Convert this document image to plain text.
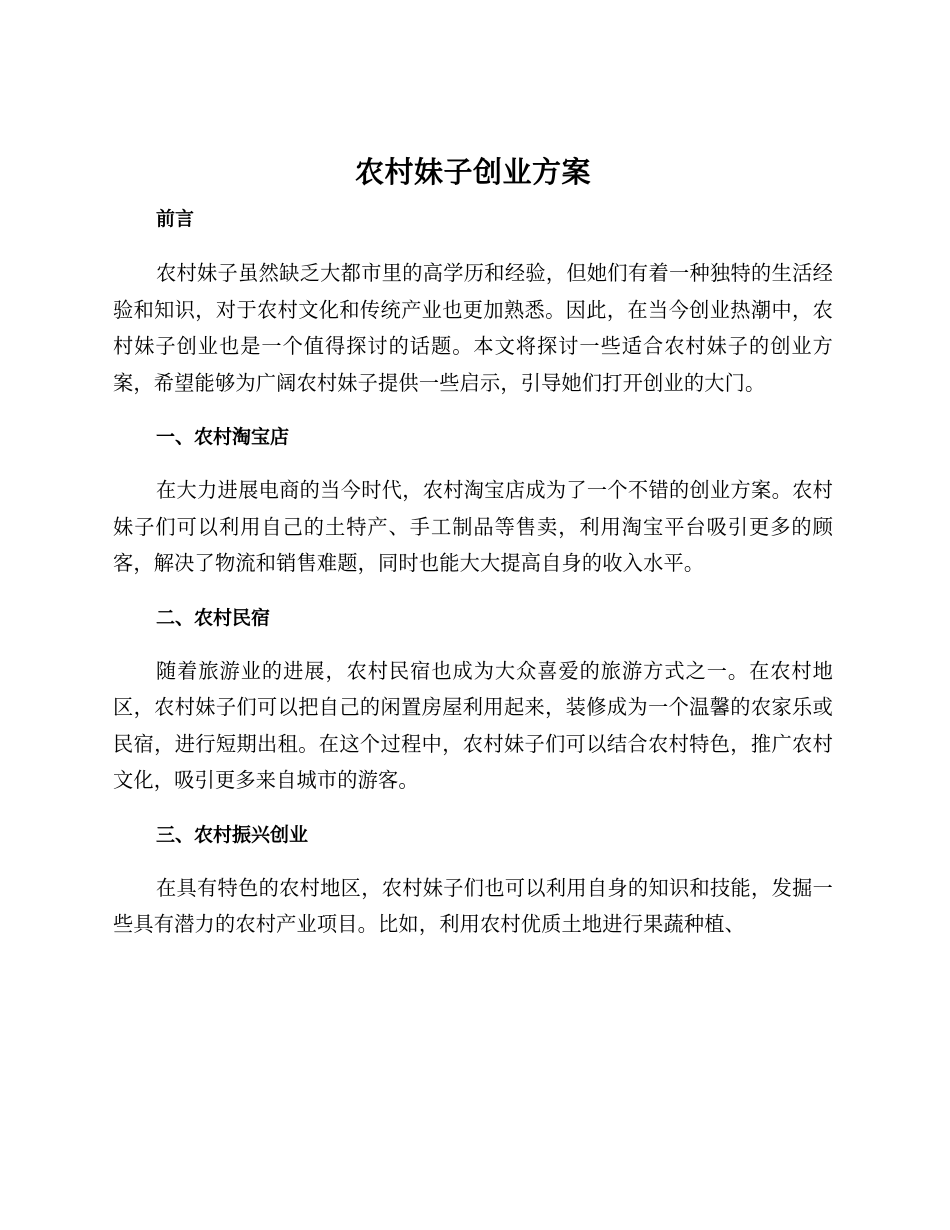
农村妹子创业方案
前言

农村妹子虽然缺乏大都市里的高学历和经验，但她们有着一种独特的生活经验和知识，对于农村文化和传统产业也更加熟悉。因此，在当今创业热潮中，农村妹子创业也是一个值得探讨的话题。本文将探讨一些适合农村妹子的创业方案，希望能够为广阔农村妹子提供一些启示，引导她们打开创业的大门。

一、农村淘宝店

在大力进展电商的当今时代，农村淘宝店成为了一个不错的创业方案。农村妹子们可以利用自己的土特产、手工制品等售卖，利用淘宝平台吸引更多的顾客，解决了物流和销售难题，同时也能大大提高自身的收入水平。

二、农村民宿

随着旅游业的进展，农村民宿也成为大众喜爱的旅游方式之一。在农村地区，农村妹子们可以把自己的闲置房屋利用起来，装修成为一个温馨的农家乐或民宿，进行短期出租。在这个过程中，农村妹子们可以结合农村特色，推广农村文化，吸引更多来自城市的游客。

三、农村振兴创业

在具有特色的农村地区，农村妹子们也可以利用自身的知识和技能，发掘一些具有潜力的农村产业项目。比如，利用农村优质土地进行果蔬种植、
